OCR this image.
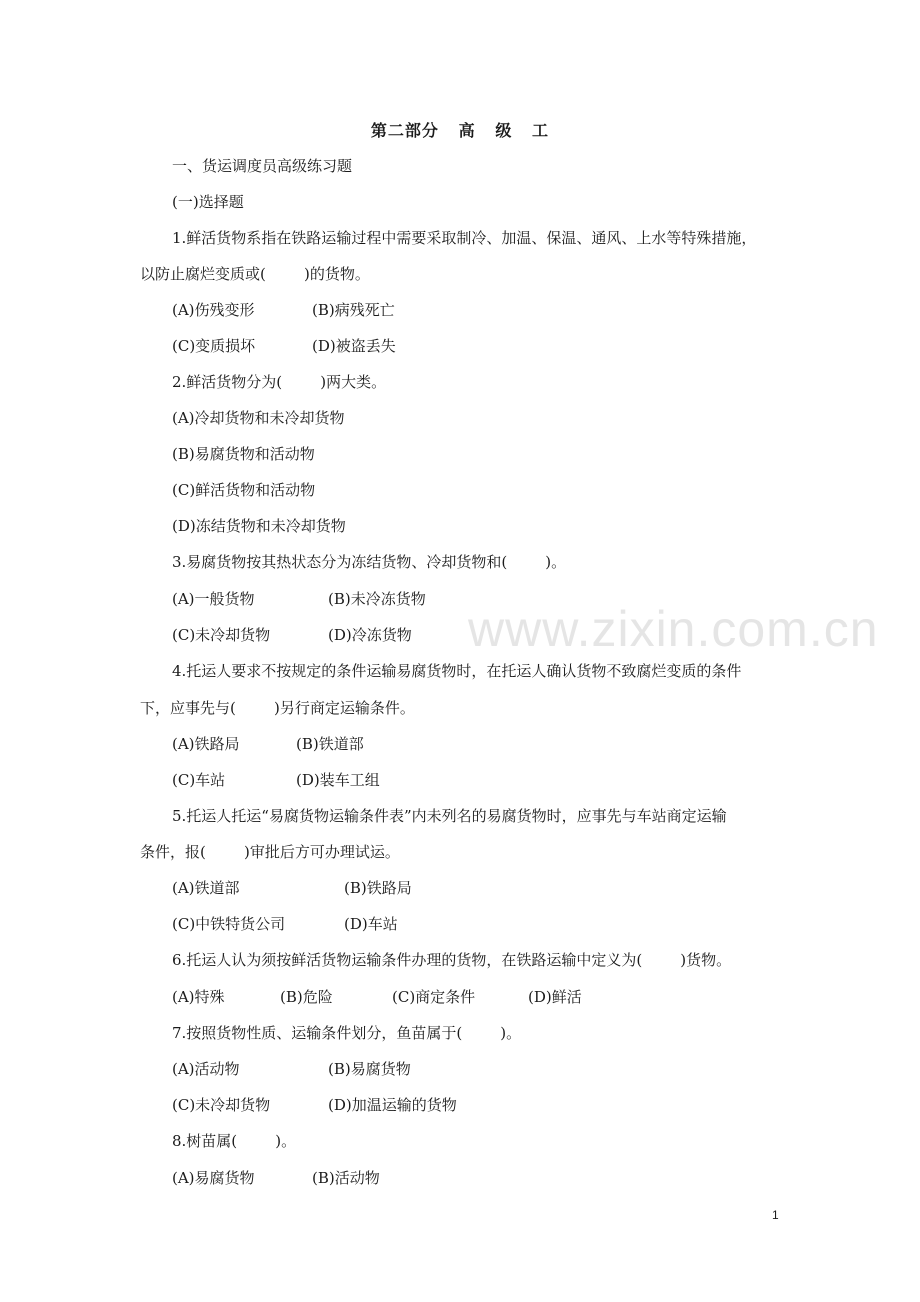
www.zixin.com.cn
第二部分   高   级   工
一、货运调度员高级练习题
(一)选择题
1.鲜活货物系指在铁路运输过程中需要采取制冷、加温、保温、通风、上水等特殊措施，
以防止腐烂变质或(        )的货物。
(A)伤残变形	(B)病残死亡
(C)变质损坏	(D)被盗丢失
2.鲜活货物分为(        )两大类。
(A)冷却货物和未冷却货物
(B)易腐货物和活动物
(C)鲜活货物和活动物
(D)冻结货物和未冷却货物
3.易腐货物按其热状态分为冻结货物、冷却货物和(        )。
(A)一般货物	(B)未冷冻货物
(C)未冷却货物	(D)冷冻货物
4.托运人要求不按规定的条件运输易腐货物时，在托运人确认货物不致腐烂变质的条件
下，应事先与(        )另行商定运输条件。
(A)铁路局	(B)铁道部
(C)车站	(D)装车工组
5.托运人托运“易腐货物运输条件表”内未列名的易腐货物时，应事先与车站商定运输
条件，报(        )审批后方可办理试运。
(A)铁道部	(B)铁路局
(C)中铁特货公司	(D)车站
6.托运人认为须按鲜活货物运输条件办理的货物，在铁路运输中定义为(        )货物。
(A)特殊	(B)危险	(C)商定条件	(D)鲜活
7.按照货物性质、运输条件划分，鱼苗属于(        )。
(A)活动物	(B)易腐货物
(C)未冷却货物	(D)加温运输的货物
8.树苗属(        )。
(A)易腐货物	(B)活动物
1
